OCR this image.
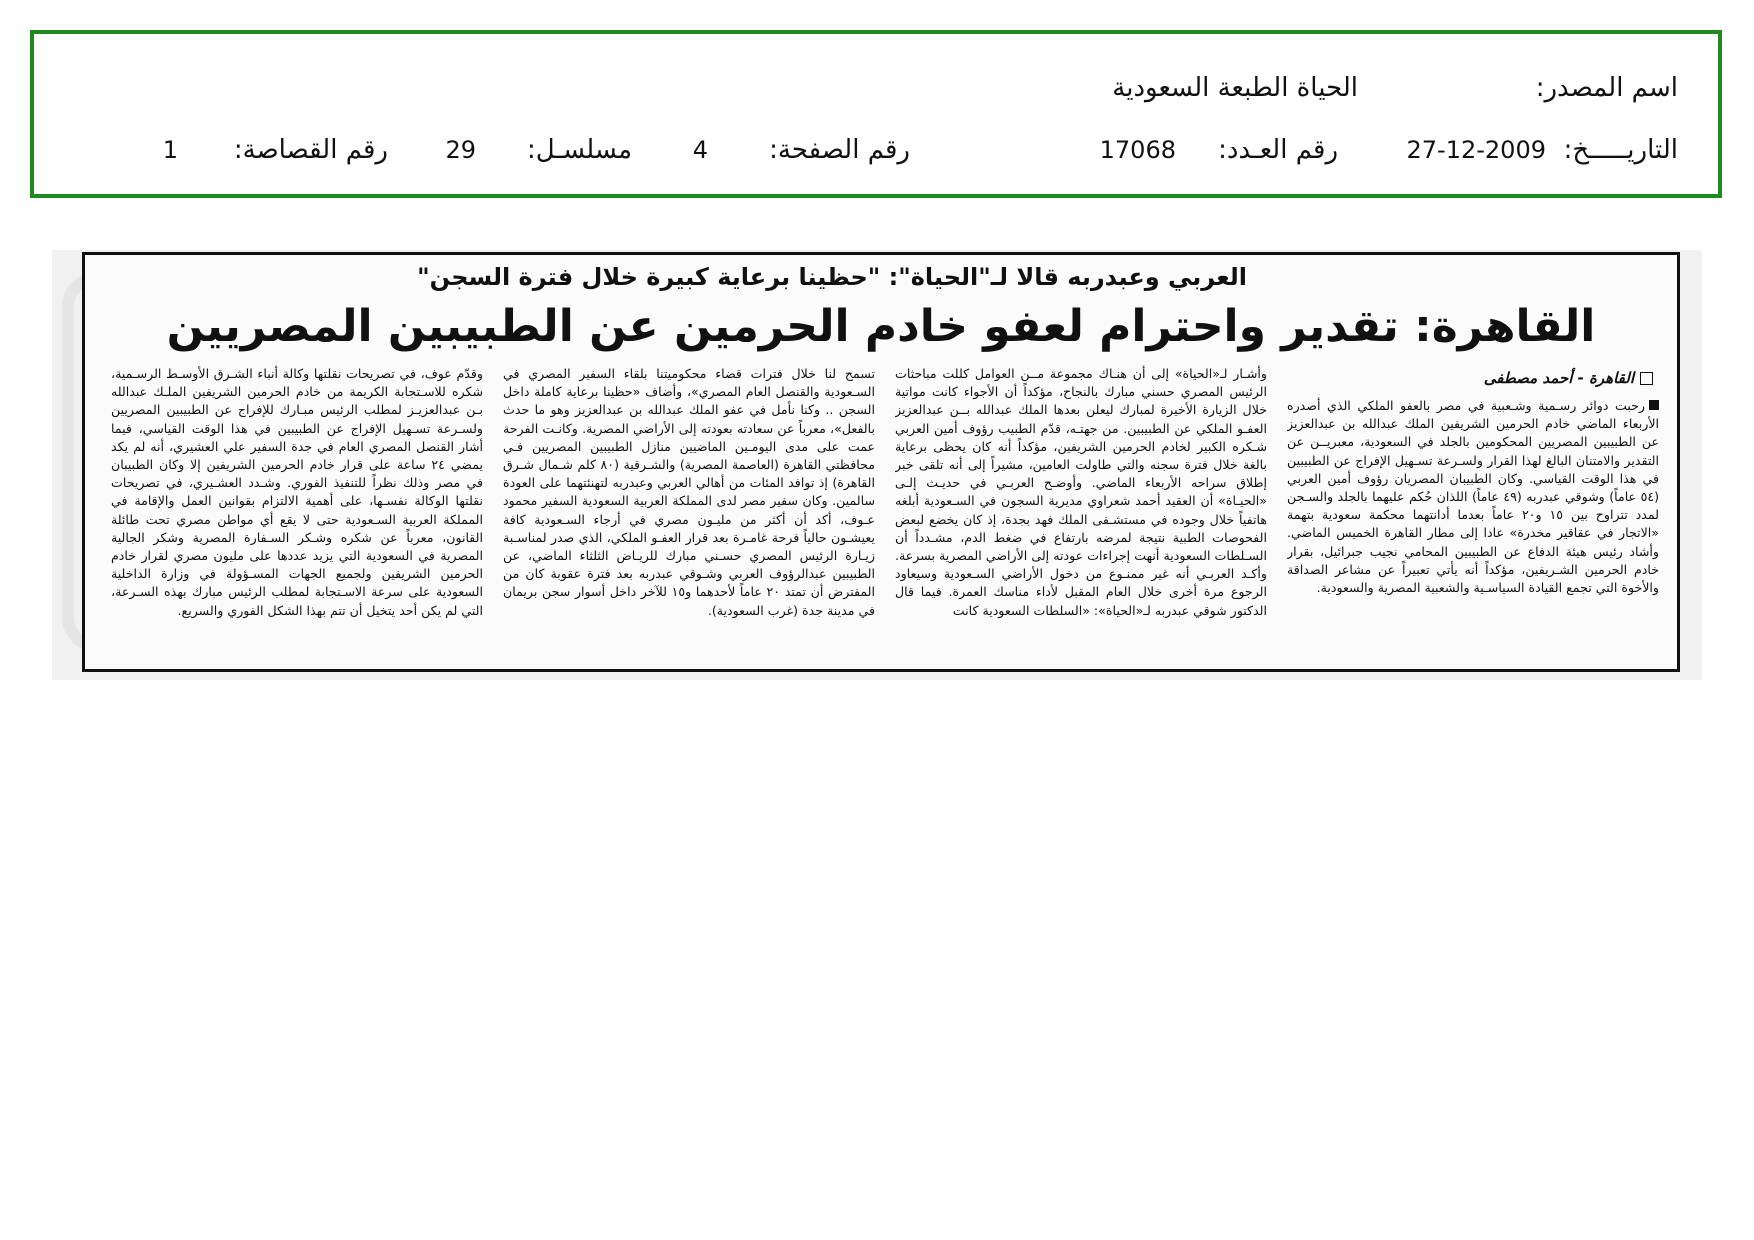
اسم المصدر:
الحياة الطبعة السعودية
التاريـــــخ:
27-12-2009
رقم العـدد:
17068
رقم الصفحة:
4
مسلسـل:
29
رقم القصاصة:
1
العربي وعبدربه قالا لـ"الحياة": "حظينا برعاية كبيرة خلال فترة السجن"
القاهرة: تقدير واحترام لعفو خادم الحرمين عن الطبيبين المصريين
القاهرة - أحمد مصطفى

رحبت دوائر رسـمية وشـعبية في مصر بالعفو الملكي الذي أصدره الأربعاء الماضي خادم الحرمين الشريفين الملك عبدالله بن عبدالعزيز عن الطبيبين المصريين المحكومين بالجلد في السعودية، معبريــن عن التقدير والامتنان البالغ لهذا القرار ولسـرعة تسـهيل الإفراج عن الطبيبين في هذا الوقت القياسي. وكان الطبيبان المصريان رؤوف أمين العربي (٥٤ عاماً) وشوقي عبدربه (٤٩ عاماً) اللذان حُكم عليهما بالجلد والسـجن لمدد تتراوح بين ١٥ و٢٠ عاماً بعدما أدانتهما محكمة سعودية بتهمة «الاتجار في عقاقير مخدرة» عادا إلى مطار القاهرة الخميس الماضي. وأشاد رئيس هيئة الدفاع عن الطبيبين المحامي نجيب جبرائيل، بقرار خادم الحرمين الشـريفين، مؤكداً أنه يأتي تعبيراً عن مشاعر الصداقة والأخوة التي تجمع القيادة السياسـية والشعبية المصرية والسعودية.

وأشـار لـ«الحياة» إلى أن هنـاك مجموعة مــن العوامل كللت مباحثات الرئيس المصري حسني مبارك بالنجاح، مؤكداً أن الأجواء كانت مواتية خلال الزيارة الأخيرة لمبارك ليعلن بعدها الملك عبدالله بــن عبدالعزيز العفـو الملكي عن الطبيبين. من جهتـه، قدّم الطبيب رؤوف أمين العربي شـكره الكبير لخادم الحرمين الشريفين، مؤكداً أنه كان يحظى برعاية بالغة خلال فترة سجنه والتي طاولت العامين، مشيراً إلى أنه تلقى خبر إطلاق سراحه الأربعاء الماضي. وأوضـح العربـي في حديـث إلـى «الحيـاة» أن العقيد أحمد شعراوي مديرية السجون في السـعودية أبلغه هاتفياً خلال وجوده في مستشـفى الملك فهد بجدة، إذ كان يخضع لبعض الفحوصات الطبية نتيجة لمرضه بارتفاع في ضغط الدم، مشـدداً أن السـلطات السعودية أنهت إجراءات عودته إلى الأراضي المصرية بسرعة. وأكـد العربـي أنه غير ممنـوع من دخول الأراضي السـعودية وسيعاود الرجوع مرة أخرى خلال العام المقبل لأداء مناسك العمرة. فيما قال الدكتور شوقي عبدربه لـ«الحياة»: «السلطات السعودية كانت

تسمح لنا خلال فترات قضاء محكوميتنا بلقاء السفير المصري في السـعودية والقنصل العام المصري»، وأضاف «حظينا برعاية كاملة داخل السجن .. وكنا نأمل في عفو الملك عبدالله بن عبدالعزيز وهو ما حدث بالفعل»، معرباً عن سعادته بعودته إلى الأراضي المصرية. وكانـت الفرحة عمت على مدى اليومـين الماضيين منازل الطبيبين المصريين فـي محافظتي القاهرة (العاصمة المصرية) والشـرقية (٨٠ كلم شـمال شـرق القاهرة) إذ توافد المئات من أهالي العربي وعبدربه لتهنئتهما على العودة سالمين. وكان سفير مصر لدى المملكة العربية السعودية السفير محمود عـوف، أكد أن أكثر من مليـون مصري في أرجاء السـعودية كافة يعيشـون حالياً فرحة غامـرة بعد قرار العفـو الملكي، الذي صدر لمناسـبة زيـارة الرئيس المصري حسـني مبارك للريـاض الثلثاء الماضي، عن الطبيبين عبدالرؤوف العربي وشـوقي عبدربه بعد فترة عقوبة كان من المفترض أن تمتد ٢٠ عاماً لأحدهما و١٥ للآخر داخل أسوار سجن بريمان في مدينة جدة (غرب السعودية).

وقدّم عوف، في تصريحات نقلتها وكالة أنباء الشـرق الأوسـط الرسـمية، شكره للاسـتجابة الكريمة من خادم الحرمين الشريفين الملـك عبدالله بـن عبدالعزيـز لمطلب الرئيس مبـارك للإفراج عن الطبيبين المصريين ولسـرعة تسـهيل الإفراج عن الطبيبين في هذا الوقت القياسي، فيما أشار القنصل المصري العام في جدة السفير علي العشيري، أنه لم يكد يمضي ٢٤ ساعة على قرار خادم الحرمين الشريفين إلا وكان الطبيبان في مصر وذلك نظراً للتنفيذ الفوري. وشـدد العشـيري، في تصريحات نقلتها الوكالة نفسـها، على أهمية الالتزام بقوانين العمل والإقامة في المملكة العربية السـعودية حتى لا يقع أي مواطن مصري تحت طائلة القانون، معرباً عن شكره وشـكر السـفارة المصرية وشكر الجالية المصرية في السعودية التي يزيد عددها على مليون مصري لقرار خادم الحرمين الشريفين ولجميع الجهات المسـؤولة في وزارة الداخلية السعودية على سرعة الاسـتجابة لمطلب الرئيس مبارك بهذه السـرعة، التي لم يكن أحد يتخيل أن تتم بهذا الشكل الفوري والسريع.
